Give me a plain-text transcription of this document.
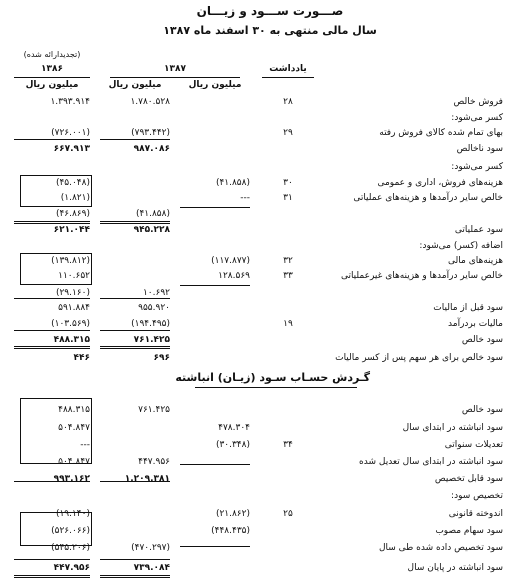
صـــورت ســـود و زیـــان
سال مالی منتهی به ۳۰ اسفند ماه ۱۳۸۷
(تجدیدارائه شده)
یادداشت
۱۳۸۷
۱۳۸۶
میلیون ریال
میلیون ریال
میلیون ریال
فروش خالص
۲۸
۱.۷۸۰.۵۲۸
۱.۳۹۳.۹۱۴
کسر می‌شود:
بهای تمام شده کالای فروش رفته
۲۹
(۷۹۳.۴۴۲)
(۷۲۶.۰۰۱)
سود ناخالص
۹۸۷.۰۸۶
۶۶۷.۹۱۳
کسر می‌شود:
هزینه‌های فروش، اداری و عمومی
۳۰
(۴۱.۸۵۸)
(۴۵.۰۴۸)
خالص سایر درآمدها و هزینه‌های عملیاتی
۳۱
---
(۱.۸۲۱)
(۴۱.۸۵۸)
(۴۶.۸۶۹)
سود عملیاتی
۹۴۵.۲۲۸
۶۲۱.۰۴۴
اضافه (کسر) می‌شود:
هزینه‌های مالی
۳۲
(۱۱۷.۸۷۷)
(۱۳۹.۸۱۲)
خالص سایر درآمدها و هزینه‌های غیرعملیاتی
۳۳
۱۲۸.۵۶۹
۱۱۰.۶۵۲
۱۰.۶۹۲
(۲۹.۱۶۰)
سود قبل از مالیات
۹۵۵.۹۲۰
۵۹۱.۸۸۴
مالیات بردرآمد
۱۹
(۱۹۴.۴۹۵)
(۱۰۳.۵۶۹)
سود خالص
۷۶۱.۴۲۵
۴۸۸.۳۱۵
سود خالص برای هر سهم پس از کسر مالیات
۶۹۶
۴۴۶
گـردش حسـاب سـود (زیـان) انباشته
سود خالص
۷۶۱.۴۲۵
۴۸۸.۳۱۵
سود انباشته در ابتدای سال
۴۷۸.۳۰۴
۵۰۴.۸۴۷
تعدیلات سنواتی
۳۴
(۳۰.۳۴۸)
---
سود انباشته در ابتدای سال تعدیل شده
۴۴۷.۹۵۶
۵۰۴.۸۴۷
سود قابل تخصیص
۱.۲۰۹.۳۸۱
۹۹۳.۱۶۲
تخصیص سود:
اندوخته قانونی
۲۵
(۲۱.۸۶۲)
(۱۹.۱۴۰)
سود سهام مصوب
(۴۴۸.۴۳۵)
(۵۲۶.۰۶۶)
سود تخصیص داده شده طی سال
(۴۷۰.۲۹۷)
(۵۴۵.۲۰۶)
سود انباشته در پایان سال
۷۳۹.۰۸۴
۴۴۷.۹۵۶
